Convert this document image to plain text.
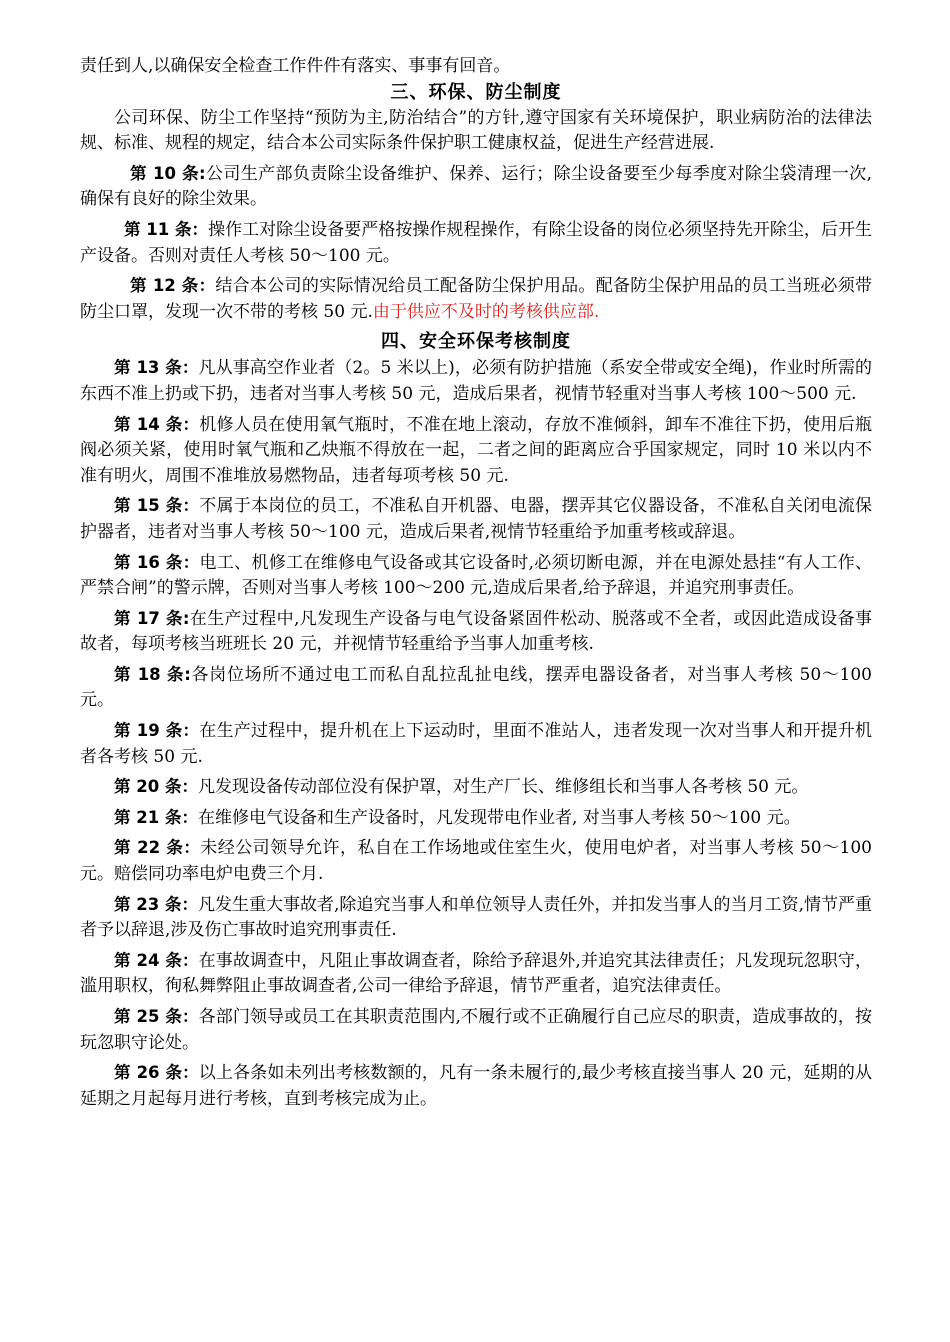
责任到人,以确保安全检查工作件件有落实、事事有回音。
三、环保、防尘制度

公司环保、防尘工作坚持“预防为主,防治结合”的方针,遵守国家有关环境保护，职业病防治的法律法规、标准、规程的规定，结合本公司实际条件保护职工健康权益，促进生产经营进展.

第 10 条:公司生产部负责除尘设备维护、保养、运行；除尘设备要至少每季度对除尘袋清理一次,确保有良好的除尘效果。

第 11 条：操作工对除尘设备要严格按操作规程操作，有除尘设备的岗位必须坚持先开除尘，后开生产设备。否则对责任人考核 50～100 元。

第 12 条：结合本公司的实际情况给员工配备防尘保护用品。配备防尘保护用品的员工当班必须带防尘口罩，发现一次不带的考核 50 元.由于供应不及时的考核供应部.

四、安全环保考核制度

第 13 条：凡从事高空作业者（2。5 米以上)，必须有防护措施（系安全带或安全绳)，作业时所需的东西不准上扔或下扔，违者对当事人考核 50 元，造成后果者，视情节轻重对当事人考核 100～500 元.

第 14 条：机修人员在使用氧气瓶时，不准在地上滚动，存放不准倾斜，卸车不准往下扔，使用后瓶阀必须关紧，使用时氧气瓶和乙炔瓶不得放在一起，二者之间的距离应合乎国家规定，同时 10 米以内不准有明火，周围不准堆放易燃物品，违者每项考核 50 元.

第 15 条：不属于本岗位的员工，不准私自开机器、电器，摆弄其它仪器设备，不准私自关闭电流保护器者，违者对当事人考核 50～100 元，造成后果者,视情节轻重给予加重考核或辞退。

第 16 条：电工、机修工在维修电气设备或其它设备时,必须切断电源，并在电源处悬挂“有人工作、严禁合闸”的警示牌，否则对当事人考核 100～200 元,造成后果者,给予辞退，并追究刑事责任。

第 17 条:在生产过程中,凡发现生产设备与电气设备紧固件松动、脱落或不全者，或因此造成设备事故者，每项考核当班班长 20 元，并视情节轻重给予当事人加重考核.

第 18 条:各岗位场所不通过电工而私自乱拉乱扯电线，摆弄电器设备者，对当事人考核 50～100 元。

第 19 条：在生产过程中，提升机在上下运动时，里面不准站人，违者发现一次对当事人和开提升机者各考核 50 元.

第 20 条：凡发现设备传动部位没有保护罩，对生产厂长、维修组长和当事人各考核 50 元。

第 21 条：在维修电气设备和生产设备时，凡发现带电作业者, 对当事人考核 50～100 元。

第 22 条：未经公司领导允许，私自在工作场地或住室生火，使用电炉者，对当事人考核 50～100 元。赔偿同功率电炉电费三个月.

第 23 条：凡发生重大事故者,除追究当事人和单位领导人责任外，并扣发当事人的当月工资,情节严重者予以辞退,涉及伤亡事故时追究刑事责任.

第 24 条：在事故调查中，凡阻止事故调查者，除给予辞退外,并追究其法律责任；凡发现玩忽职守，滥用职权，徇私舞弊阻止事故调查者,公司一律给予辞退，情节严重者，追究法律责任。

第 25 条：各部门领导或员工在其职责范围内,不履行或不正确履行自己应尽的职责，造成事故的，按玩忽职守论处。

第 26 条：以上各条如未列出考核数额的，凡有一条未履行的,最少考核直接当事人 20 元，延期的从延期之月起每月进行考核，直到考核完成为止。
